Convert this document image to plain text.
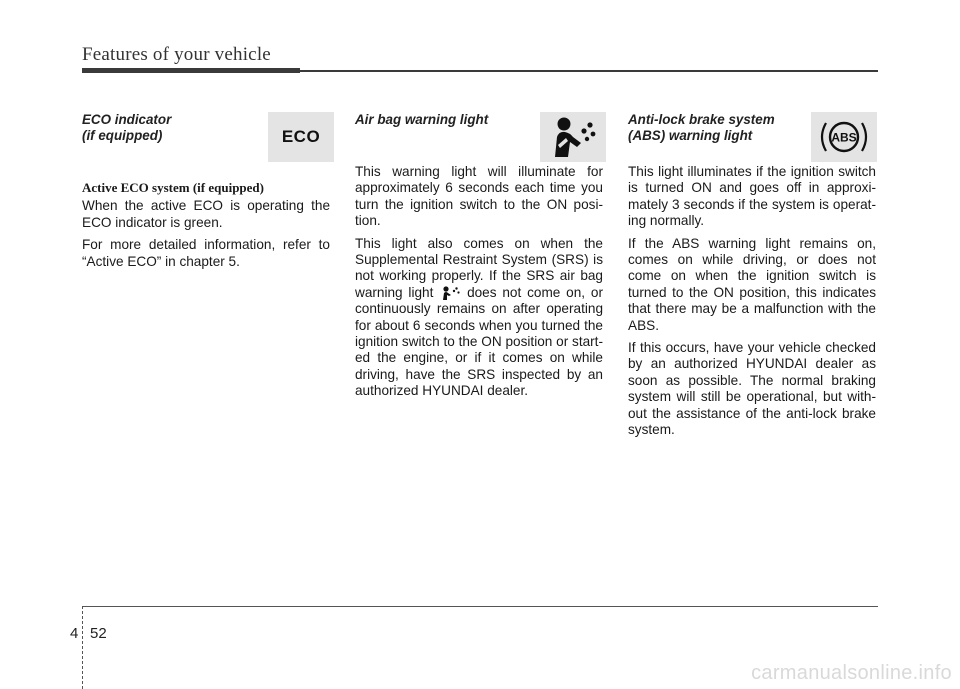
Features of your vehicle
ECO indicator
(if equipped)
Active ECO system (if equipped)

When the active ECO is operating the ECO indicator is green.

For more detailed information, refer to “Active ECO” in chapter 5.

ECO
Air bag warning light

This warning light will illuminate for approximately 6 seconds each time you turn the ignition switch to the ON posi-tion.

This light also comes on when the Supplemental Restraint System (SRS) is not working properly. If the SRS air bag warning light does not come on, or continuously remains on after operating for about 6 seconds when you turned the ignition switch to the ON position or start-ed the engine, or if it comes on while driving, have the SRS inspected by an authorized HYUNDAI dealer.

Anti-lock brake system
(ABS) warning light

This light illuminates if the ignition switch is turned ON and goes off in approxi-mately 3 seconds if the system is operat-ing normally.

If the ABS warning light remains on, comes on while driving, or does not come on when the ignition switch is turned to the ON position, this indicates that there may be a malfunction with the ABS.

If this occurs, have your vehicle checked by an authorized HYUNDAI dealer as soon as possible. The normal braking system will still be operational, but with-out the assistance of the anti-lock brake system.

ABS
4 52
carmanualsonline.info
